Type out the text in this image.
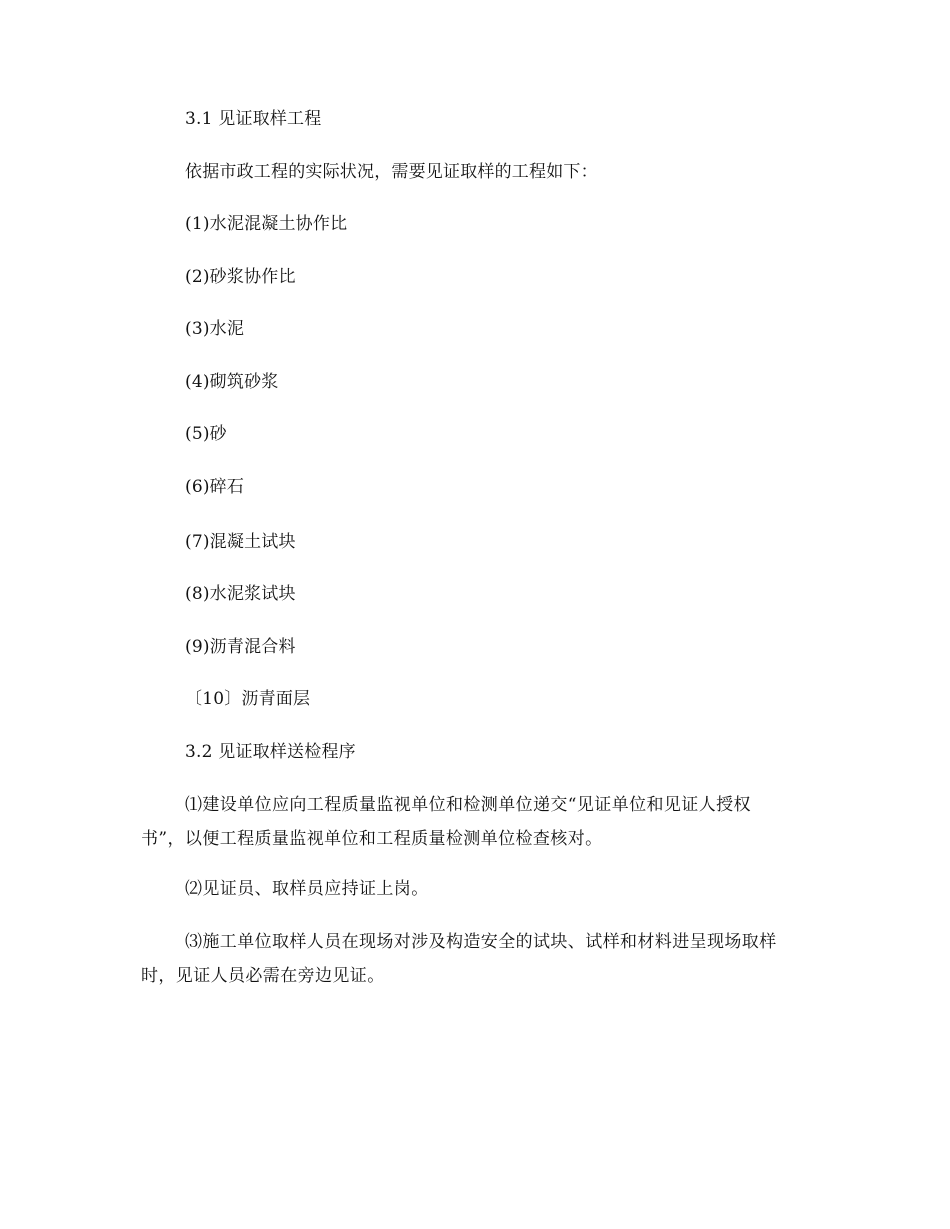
3.1 见证取样工程
依据市政工程的实际状况，需要见证取样的工程如下：
(1)水泥混凝土协作比
(2)砂浆协作比
(3)水泥
(4)砌筑砂浆
(5)砂
(6)碎石
(7)混凝土试块
(8)水泥浆试块
(9)沥青混合料
〔10〕沥青面层
3.2 见证取样送检程序
⑴建设单位应向工程质量监视单位和检测单位递交“见证单位和见证人授权书”，以便工程质量监视单位和工程质量检测单位检查核对。
⑵见证员、取样员应持证上岗。
⑶施工单位取样人员在现场对涉及构造安全的试块、试样和材料进呈现场取样时，见证人员必需在旁边见证。
